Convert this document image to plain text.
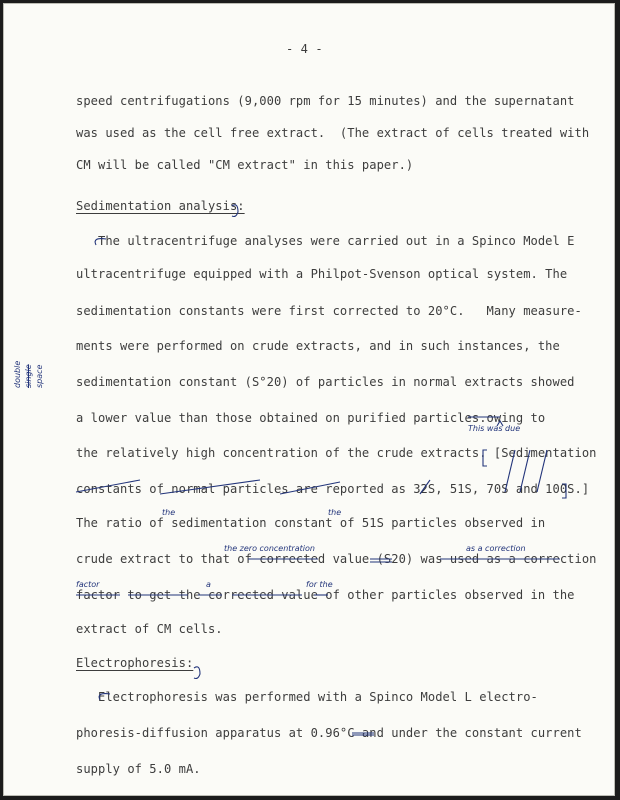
- 4 -

speed centrifugations (9,000 rpm for 15 minutes) and the supernatant

was used as the cell free extract.  (The extract of cells treated with

CM will be called "CM extract" in this paper.)

Sedimentation analysis:

The ultracentrifuge analyses were carried out in a Spinco Model E

ultracentrifuge equipped with a Philpot-Svenson optical system. The

sedimentation constants were first corrected to 20°C.   Many measure-

ments were performed on crude extracts, and in such instances, the

sedimentation constant (S°20) of particles in normal extracts showed

a lower value than those obtained on purified particles.owing to

the relatively high concentration of the crude extracts. [Sedimentation

constants of normal particles are reported as 32S, 51S, 70S and 100S.]

The ratio of sedimentation constant of 51S particles observed in

crude extract to that of corrected value (S20) was used as a correction

factor to get the corrected value of other particles observed in the

extract of CM cells.

Electrophoresis:

Electrophoresis was performed with a Spinco Model L electro-

phoresis-diffusion apparatus at 0.96°C and under the constant current

supply of 5.0 mA.

This was due
the	the
the zero concentration	as a correction
factor	a	for the
double single space
